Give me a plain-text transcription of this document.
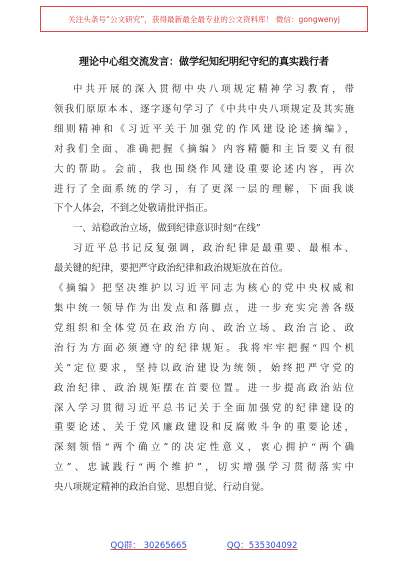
关注头条号“公文研究”，获得最新最全最专业的公文资料库！ 微信：gongwenyj
理论中心组交流发言：做学纪知纪明纪守纪的真实践行者
中共开展的深入贯彻中央八项规定精神学习教育，带
领我们原原本本、逐字逐句学习了《中共中央八项规定及其实施
细则精神和《习近平关于加强党的作风建设论述摘编》，
对我们全面、准确把握《摘编》内容精髓和主旨要义有很
大的帮助。会前，我也围绕作风建设重要论述内容，再次
进行了全面系统的学习，有了更深一层的理解，下面我谈
下个人体会，不到之处敬请批评指正。
一、站稳政治立场，做到纪律意识时刻“在线”
习近平总书记反复强调，政治纪律是最重要、最根本、
最关键的纪律，要把严守政治纪律和政治规矩放在首位。
《摘编》把坚决维护以习近平同志为核心的党中央权威和
集中统一领导作为出发点和落脚点，进一步充实完善各级
党组织和全体党员在政治方向、政治立场、政治言论、政
治行为方面必须遵守的纪律规矩。我将牢牢把握“四个机
关”定位要求，坚持以政治建设为统领，始终把严守党的
政治纪律、政治规矩摆在首要位置。进一步提高政治站位
深入学习贯彻习近平总书记关于全面加强党的纪律建设的
重要论述、关于党风廉政建设和反腐败斗争的重要论述，
深刻领悟“两个确立”的决定性意义，衷心拥护“两个确
立”、忠诚践行“两个维护”，切实增强学习贯彻落实中
央八项规定精神的政治自觉、思想自觉、行动自觉。
QQ群： 30265665	QQ：535304092
